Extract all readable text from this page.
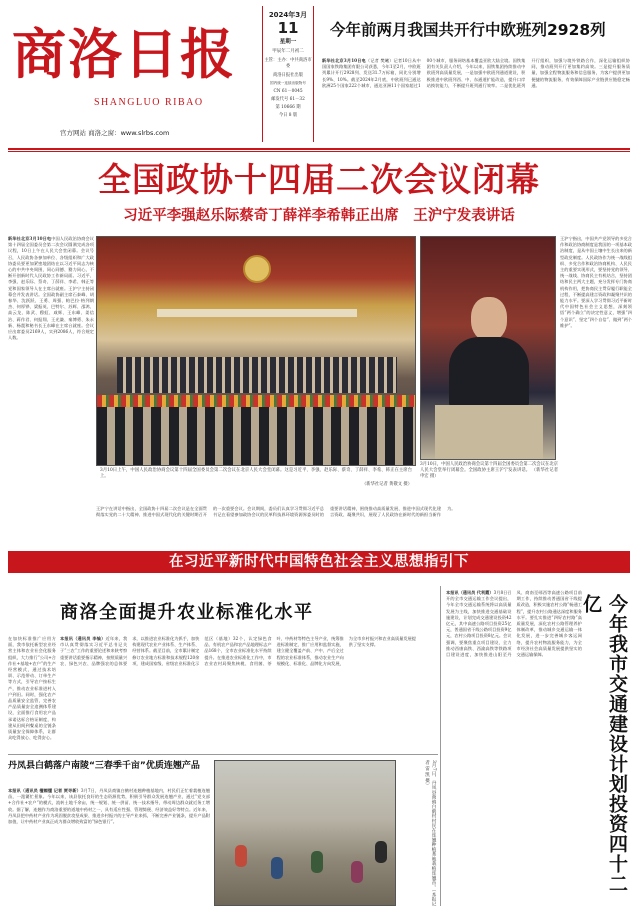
商洛日报
SHANGLUO RIBAO
官方网站 商洛之窗：www.slrbs.com
2024年3月
11
星期一
甲辰年二月初二
主管：主办：中共商洛市委
商洛日报社出版
国内统一连续出版物号
CN 61－0045
邮发代号 61－32
第 10666 期
今日 8 版
今年前两月我国共开行中欧班列2928列
新华社北京3月10日电（记者 樊曦）记者10日从中国国家铁路集团有限公司获悉，今年1至2月，中欧班列累计开行2928列、发送31.7万标箱，同比分别增长9%、10%。截至2024年2月底，中欧班列已通达欧洲25个国家222个城市，通达亚洲11个国家超过100个城市，服务网络基本覆盖亚欧大陆全境。国铁集团有关负责人介绍，今年以来，国铁集团持续推动中欧班列高质量发展，一是加强中欧班列通道建设，积极推进中欧班列西、中、东通道扩能改造，提升口岸站换装能力，不断提升班列通行效率。二是优化班列开行组织，加强与境外铁路合作，深化运输组织协同，推动班列开行更加集约高效。三是提升服务质量，加强全程物流服务和信息服务，为客户提供更加便捷的物流服务，有效保障国际产业链供应链稳定畅通。
全国政协十四届二次会议闭幕
习近平李强赵乐际蔡奇丁薛祥李希韩正出席　王沪宁发表讲话
新华社北京3月10日电中国人民政治协商会议第十四届全国委员会第二次会议圆满完成各项议程，10日上午在人民大会堂闭幕。会议号召，人民政协各参加单位、各级组织和广大政协委员要更加紧密地团结在以习近平同志为核心的中共中央周围，同心同德、勠力同心，不断开创新时代人民政协工作新局面。习近平、李强、赵乐际、蔡奇、丁薛祥、李希、韩正等党和国家领导人在主席台就座。王沪宁主持闭幕会并发表讲话。全国政协副主席石泰峰、胡春华、沈跃跃、王勇、周强、帕巴拉·格列朗杰、何厚铧、梁振英、巴特尔、苏辉、邵鸿、高云龙、陈武、穆虹、咸辉、王东峰、姜信治、蒋作君、何报翔、王光谦、秦博勇、朱永新、杨震和秘书长王东峰在主席台就座。会议应出席委员2169人，实到2086人，符合规定人数。
3月10日上午，中国人民政治协商会议第十四届全国委员会第二次会议在北京人民大会堂闭幕。这是习近平、李强、赵乐际、蔡奇、丁薛祥、李希、韩正在主席台上。
（新华社记者 黄敬文 摄）
3月10日，中国人民政治协商会议第十四届全国委员会第二次会议在北京人民大会堂举行闭幕会。全国政协主席王沪宁发表讲话。 （新华社记者 申宏 摄）
王沪宁指出，中国共产党领导的多党合作和政治协商制度是我国的一项基本政治制度，是从中国土壤中生长出来的新型政党制度。人民政协作为统一战线组织、多党合作和政治协商机构、人民民主的重要实现形式，要坚持党的领导、统一战线、协商民主有机结合，坚持团结和民主两大主题，充分发挥专门协商机构作用，把协商民主贯穿履行职能全过程，不断提高建言资政和凝聚共识的能力水平。要深入学习贯彻习近平新时代中国特色社会主义思想，深刻领悟“两个确立”的决定性意义，增强“四个意识”、坚定“四个自信”、做到“两个维护”。
王沪宁在讲话中指出，全国政协十四届二次会议是在全面贯彻落实党的二十大精神、推进中国式现代化的关键时期召开的一次重要会议。会议期间，委员们认真学习贯彻习近平总书记在看望参加政协会议的民革科技界环境资源界委员时的重要讲话精神，围绕推动高质量发展、推进中国式现代化建言资政、凝聚共识，展现了人民政协在新时代的新担当新作为。
在习近平新时代中国特色社会主义思想指引下
商洛全面提升农业标准化水平
本报讯（通讯员 李愉）近年来，我市认真贯彻落实习近平总书记关于“三农”工作的重要论述和来陕考察重要讲话重要指示精神，按照质量兴农、绿色兴农、品牌强农的总体要求，以推进农业标准化为抓手，加快构建现代农业产业体系、生产体系、经营体系。截至目前，全市累计制定修订农业地方标准和技术规程120余项，建成国家级、省级农业标准化示范区（基地）32个，认定绿色食品、有机农产品和农产品地理标志产品168个，全市农业标准化水平持续提升。在推进农业标准化工作中，市农业农村局聚焦核桃、食用菌、茶叶、中药材等特色主导产业，统筹推进标准制定、推广应用和监督实施，建立健全覆盖产前、产中、产后全过程的农业标准体系，推动农业生产向规模化、标准化、品牌化方向发展，为全市乡村振兴和农业高质量发展提供了坚实支撑。
在加快标准推广应用方面，我市依托新型农业经营主体和农业社会化服务组织，大力推行“公司+合作社+基地+农户”的生产经营模式，通过技术培训、示范带动、订单生产等方式，引导农户按标生产，推动农业标准进村入户到田。同时，强化农产品质量安全监管，完善农产品质量安全追溯体系建设，全面推行食用农产品承诺达标合格证制度，构建从田间到餐桌的全链条质量安全保障体系，让群众吃得放心、吃得安心。
丹凤县白鹤落户南陵“三春季千亩”优质连翘产品
本报讯（通讯员 檀帽懂 记者 贾寻新）3月7日，丹凤县商镇白鹤村连翘种植基地内，村民们正忙着栽植连翘苗，一派繁忙景象。今年以来，该县依托良好的生态资源优势，积极引导群众发展连翘产业，通过“党支部+合作社+农户”的模式，流转土地千余亩，统一规划、统一供苗、统一技术指导，带动周边群众就近务工增收。据了解，连翘作为商洛重要的道地中药材之一，具有适应性强、管理简便、经济效益好等特点。近年来，丹凤县把中药材产业作为巩固脱贫攻坚成果、推进乡村振兴的主导产业来抓，不断完善产业链条，提升产品附加值，让中药材产业真正成为群众增收致富的“绿色银行”。	3月7日，丹凤县商镇白鹤村村民在连翘种植基地栽植连翘苗。（本报记者 雷 凯 摄）
本报讯（通讯员 代利霞）3月8日召开的全市交通运输工作会议提出，今年全市交通运输系统将以高质量发展为主线，加快推进交通基础设施建设，计划完成交通建设投资42亿元，其中高速公路项目投资25亿元，普通国省干线公路项目投资9亿元，农村公路项目投资8亿元。会议强调，要聚焦重点项目建设，全力推动西康高铁、西渝高铁等铁路项目建设进度，加快推进山阳至丹凤、商南至郧西等高速公路项目前期工作，持续推动普通国省干线提质改造，积极实施农村公路“畅通工程”，提升农村公路通达深度和服务水平。要扎实推进“四好农村路”高质量发展，深化农村公路管理养护体制改革，推动城乡交通运输一体化发展，进一步完善城乡客运网络，提升农村物流服务能力，为全市经济社会高质量发展提供坚实的交通运输保障。	今年我市交通建设计划投资四十二亿
